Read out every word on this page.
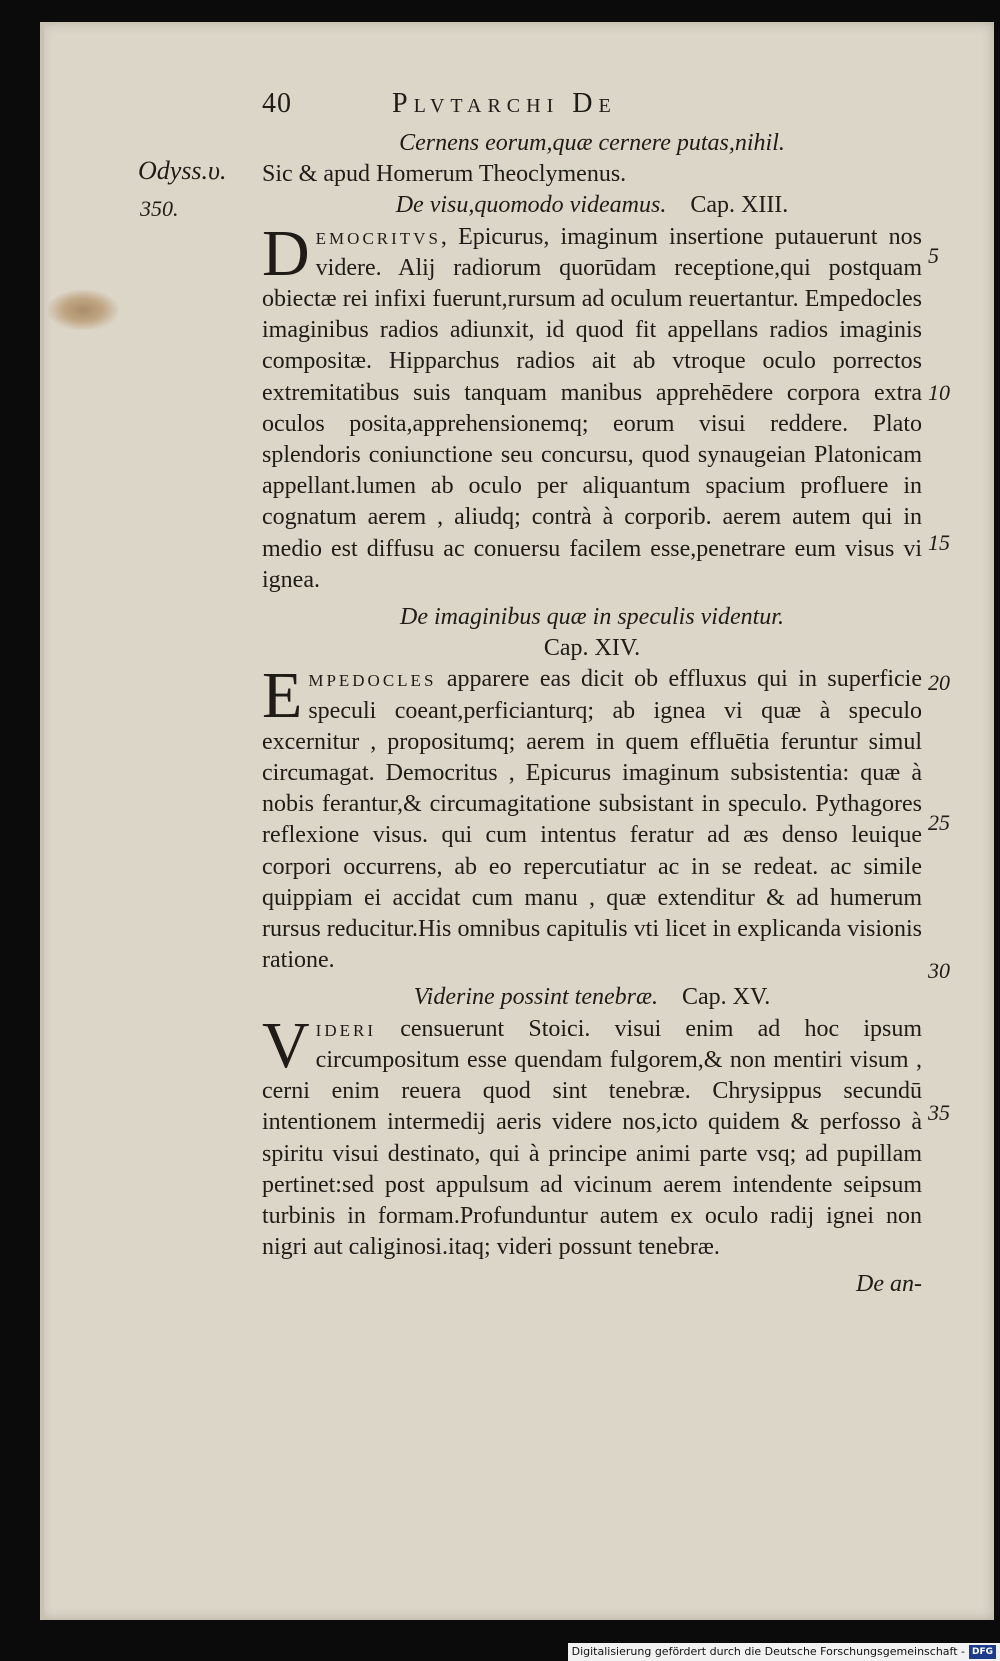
Odyss.υ.
350.
5
10
15
20
25
30
35
40	Plvtarchi De

Cernens eorum,quæ cernere putas,nihil.

Sic & apud Homerum Theoclymenus.

De visu,quomodo videamus. Cap. XIII.

Democritvs, Epicurus, imaginum insertione putauerunt nos videre. Alij radiorum quorūdam receptione,qui postquam obiectæ rei infixi fuerunt,rursum ad oculum reuertantur. Empedocles imaginibus radios adiunxit, id quod fit appellans radios imaginis compositæ. Hipparchus radios ait ab vtroque oculo porrectos extremitatibus suis tanquam manibus apprehēdere corpora extra oculos posita,apprehensionemq; eorum visui reddere. Plato splendoris coniunctione seu concursu, quod synaugeian Platonicam appellant.lumen ab oculo per aliquantum spacium profluere in cognatum aerem , aliudq; contrà à corporib. aerem autem qui in medio est diffusu ac conuersu facilem esse,penetrare eum visus vi ignea.

De imaginibus quæ in speculis videntur.
Cap. XIV.

Empedocles apparere eas dicit ob effluxus qui in superficie speculi coeant,perficianturq; ab ignea vi quæ à speculo excernitur , propositumq; aerem in quem effluētia feruntur simul circumagat. Democritus , Epicurus imaginum subsistentia: quæ à nobis ferantur,& circumagitatione subsistant in speculo. Pythagores reflexione visus. qui cum intentus feratur ad æs denso leuique corpori occurrens, ab eo repercutiatur ac in se redeat. ac simile quippiam ei accidat cum manu , quæ extenditur & ad humerum rursus reducitur.His omnibus capitulis vti licet in explicanda visionis ratione.

Viderine possint tenebræ. Cap. XV.

Videri censuerunt Stoici. visui enim ad hoc ipsum circumpositum esse quendam fulgorem,& non mentiri visum , cerni enim reuera quod sint tenebræ. Chrysippus secundū intentionem intermedij aeris videre nos,icto quidem & perfosso à spiritu visui destinato, qui à principe animi parte vsq; ad pupillam pertinet:sed post appulsum ad vicinum aerem intendente seipsum turbinis in formam.Profunduntur autem ex oculo radij ignei non nigri aut caliginosi.itaq; videri possunt tenebræ.

De an-

Digitalisierung gefördert durch die Deutsche Forschungsgemeinschaft - DFG
